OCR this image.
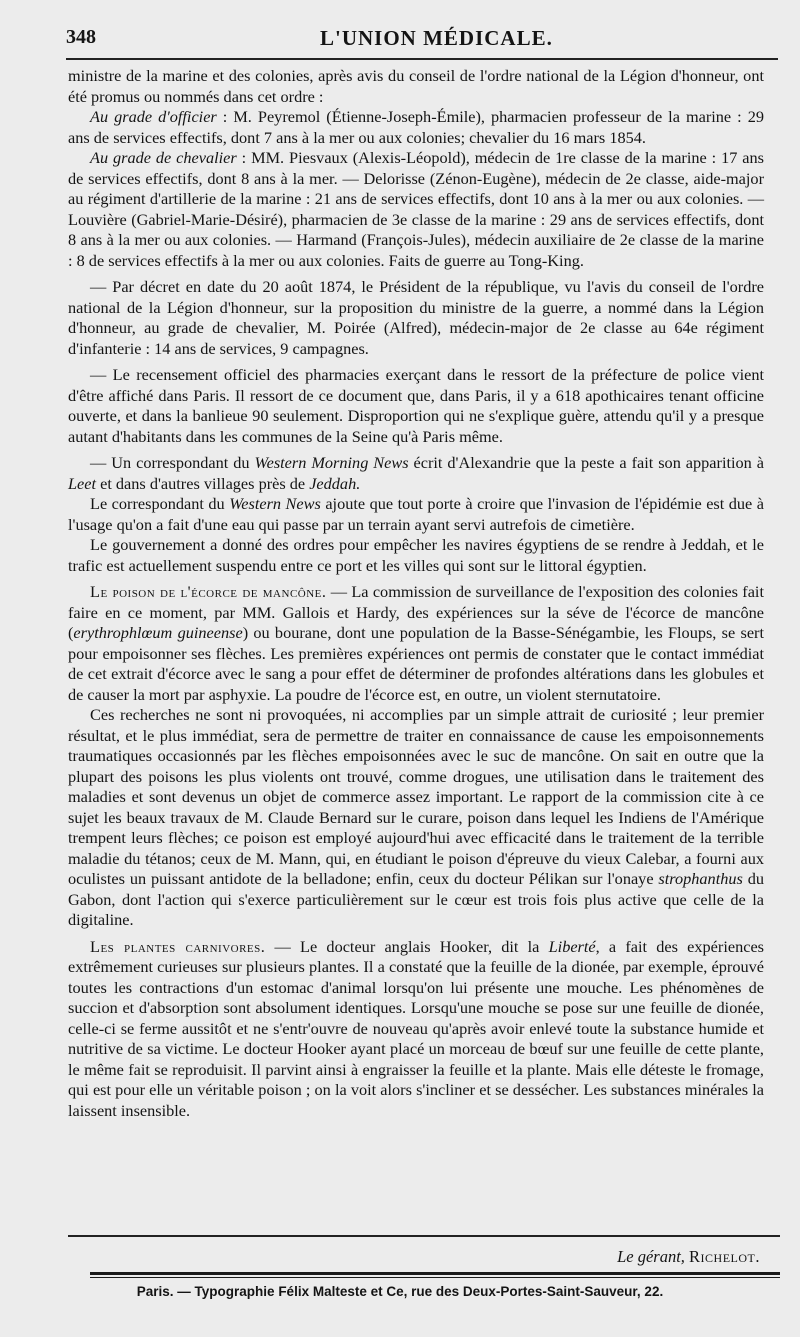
348	L'UNION MÉDICALE.

ministre de la marine et des colonies, après avis du conseil de l'ordre national de la Légion d'honneur, ont été promus ou nommés dans cet ordre :

Au grade d'officier : M. Peyremol (Étienne-Joseph-Émile), pharmacien professeur de la marine : 29 ans de services effectifs, dont 7 ans à la mer ou aux colonies; chevalier du 16 mars 1854.

Au grade de chevalier : MM. Piesvaux (Alexis-Léopold), médecin de 1re classe de la marine : 17 ans de services effectifs, dont 8 ans à la mer. — Delorisse (Zénon-Eugène), médecin de 2e classe, aide-major au régiment d'artillerie de la marine : 21 ans de services effectifs, dont 10 ans à la mer ou aux colonies. — Louvière (Gabriel-Marie-Désiré), pharmacien de 3e classe de la marine : 29 ans de services effectifs, dont 8 ans à la mer ou aux colonies. — Harmand (François-Jules), médecin auxiliaire de 2e classe de la marine : 8 de services effectifs à la mer ou aux colonies. Faits de guerre au Tong-King.

— Par décret en date du 20 août 1874, le Président de la république, vu l'avis du conseil de l'ordre national de la Légion d'honneur, sur la proposition du ministre de la guerre, a nommé dans la Légion d'honneur, au grade de chevalier, M. Poirée (Alfred), médecin-major de 2e classe au 64e régiment d'infanterie : 14 ans de services, 9 campagnes.

— Le recensement officiel des pharmacies exerçant dans le ressort de la préfecture de police vient d'être affiché dans Paris. Il ressort de ce document que, dans Paris, il y a 618 apothicaires tenant officine ouverte, et dans la banlieue 90 seulement. Disproportion qui ne s'explique guère, attendu qu'il y a presque autant d'habitants dans les communes de la Seine qu'à Paris même.

— Un correspondant du Western Morning News écrit d'Alexandrie que la peste a fait son apparition à Leet et dans d'autres villages près de Jeddah.

Le correspondant du Western News ajoute que tout porte à croire que l'invasion de l'épidémie est due à l'usage qu'on a fait d'une eau qui passe par un terrain ayant servi autrefois de cimetière.

Le gouvernement a donné des ordres pour empêcher les navires égyptiens de se rendre à Jeddah, et le trafic est actuellement suspendu entre ce port et les villes qui sont sur le littoral égyptien.

Le poison de l'écorce de mancône. — La commission de surveillance de l'exposition des colonies fait faire en ce moment, par MM. Gallois et Hardy, des expériences sur la séve de l'écorce de mancône (erythrophlœum guineense) ou bourane, dont une population de la Basse-Sénégambie, les Floups, se sert pour empoisonner ses flèches. Les premières expériences ont permis de constater que le contact immédiat de cet extrait d'écorce avec le sang a pour effet de déterminer de profondes altérations dans les globules et de causer la mort par asphyxie. La poudre de l'écorce est, en outre, un violent sternutatoire.

Ces recherches ne sont ni provoquées, ni accomplies par un simple attrait de curiosité ; leur premier résultat, et le plus immédiat, sera de permettre de traiter en connaissance de cause les empoisonnements traumatiques occasionnés par les flèches empoisonnées avec le suc de mancône. On sait en outre que la plupart des poisons les plus violents ont trouvé, comme drogues, une utilisation dans le traitement des maladies et sont devenus un objet de commerce assez important. Le rapport de la commission cite à ce sujet les beaux travaux de M. Claude Bernard sur le curare, poison dans lequel les Indiens de l'Amérique trempent leurs flèches; ce poison est employé aujourd'hui avec efficacité dans le traitement de la terrible maladie du tétanos; ceux de M. Mann, qui, en étudiant le poison d'épreuve du vieux Calebar, a fourni aux oculistes un puissant antidote de la belladone; enfin, ceux du docteur Pélikan sur l'onaye strophanthus du Gabon, dont l'action qui s'exerce particulièrement sur le cœur est trois fois plus active que celle de la digitaline.

Les plantes carnivores. — Le docteur anglais Hooker, dit la Liberté, a fait des expériences extrêmement curieuses sur plusieurs plantes. Il a constaté que la feuille de la dionée, par exemple, éprouvé toutes les contractions d'un estomac d'animal lorsqu'on lui présente une mouche. Les phénomènes de succion et d'absorption sont absolument identiques. Lorsqu'une mouche se pose sur une feuille de dionée, celle-ci se ferme aussitôt et ne s'entr'ouvre de nouveau qu'après avoir enlevé toute la substance humide et nutritive de sa victime. Le docteur Hooker ayant placé un morceau de bœuf sur une feuille de cette plante, le même fait se reproduisit. Il parvint ainsi à engraisser la feuille et la plante. Mais elle déteste le fromage, qui est pour elle un véritable poison ; on la voit alors s'incliner et se dessécher. Les substances minérales la laissent insensible.

Le gérant, Richelot.
Paris. — Typographie Félix Malteste et Ce, rue des Deux-Portes-Saint-Sauveur, 22.
